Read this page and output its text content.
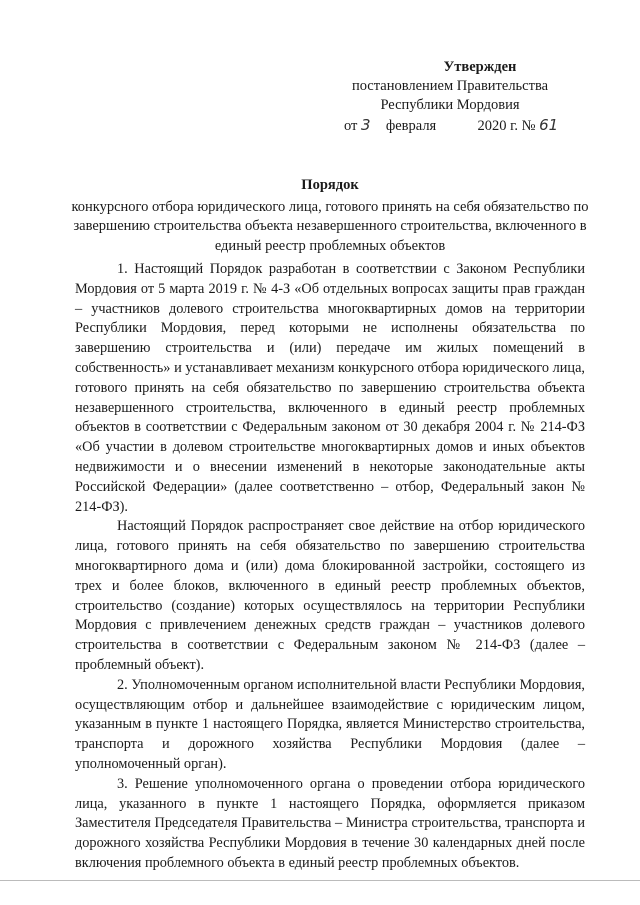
Утвержден
постановлением Правительства
Республики Мордовия
от 3 февраля	2020 г. № 61
Порядок
конкурсного отбора юридического лица, готового принять на себя обязательство по завершению строительства объекта незавершенного строительства, включенного в единый реестр проблемных объектов

1. Настоящий Порядок разработан в соответствии с Законом Республики Мордовия от 5 марта 2019 г. № 4-З «Об отдельных вопросах защиты прав граждан – участников долевого строительства многоквартирных домов на территории Республики Мордовия, перед которыми не исполнены обязательства по завершению строительства и (или) передаче им жилых помещений в собственность» и устанавливает механизм конкурсного отбора юридического лица, готового принять на себя обязательство по завершению строительства объекта незавершенного строительства, включенного в единый реестр проблемных объектов в соответствии с Федеральным законом от 30 декабря 2004 г. № 214-ФЗ «Об участии в долевом строительстве многоквартирных домов и иных объектов недвижимости и о внесении изменений в некоторые законодательные акты Российской Федерации» (далее соответственно – отбор, Федеральный закон № 214-ФЗ).

Настоящий Порядок распространяет свое действие на отбор юридического лица, готового принять на себя обязательство по завершению строительства многоквартирного дома и (или) дома блокированной застройки, состоящего из трех и более блоков, включенного в единый реестр проблемных объектов, строительство (создание) которых осуществлялось на территории Республики Мордовия с привлечением денежных средств граждан – участников долевого строительства в соответствии с Федеральным законом № 214-ФЗ (далее – проблемный объект).

2. Уполномоченным органом исполнительной власти Республики Мордовия, осуществляющим отбор и дальнейшее взаимодействие с юридическим лицом, указанным в пункте 1 настоящего Порядка, является Министерство строительства, транспорта и дорожного хозяйства Республики Мордовия (далее – уполномоченный орган).

3. Решение уполномоченного органа о проведении отбора юридического лица, указанного в пункте 1 настоящего Порядка, оформляется приказом Заместителя Председателя Правительства – Министра строительства, транспорта и дорожного хозяйства Республики Мордовия в течение 30 календарных дней после включения проблемного объекта в единый реестр проблемных объектов.
